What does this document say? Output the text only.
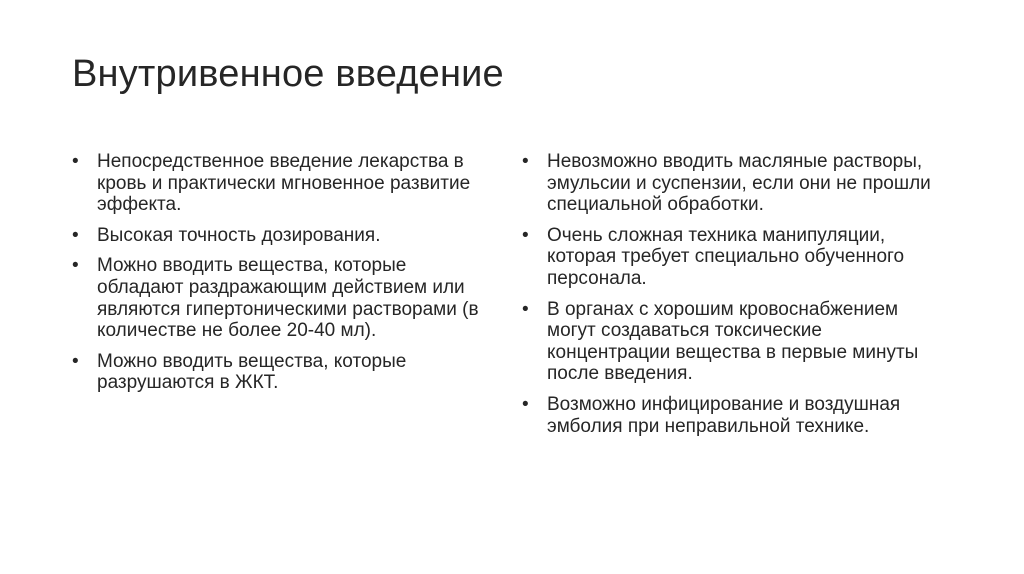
Внутривенное введение
• Непосредственное введение лекарства в кровь и практически мгновенное развитие эффекта.
• Высокая точность дозирования.
• Можно вводить вещества, которые обладают раздражающим действием или являются гипертоническими растворами (в количестве не более 20-40 мл).
• Можно вводить вещества, которые разрушаются в ЖКТ.
• Невозможно вводить масляные растворы, эмульсии и суспензии, если они не прошли специальной обработки.
• Очень сложная техника манипуляции, которая требует специально обученного персонала.
• В органах с хорошим кровоснабжением могут создаваться токсические концентрации вещества в первые минуты после введения.
• Возможно инфицирование и воздушная эмболия при неправильной технике.
